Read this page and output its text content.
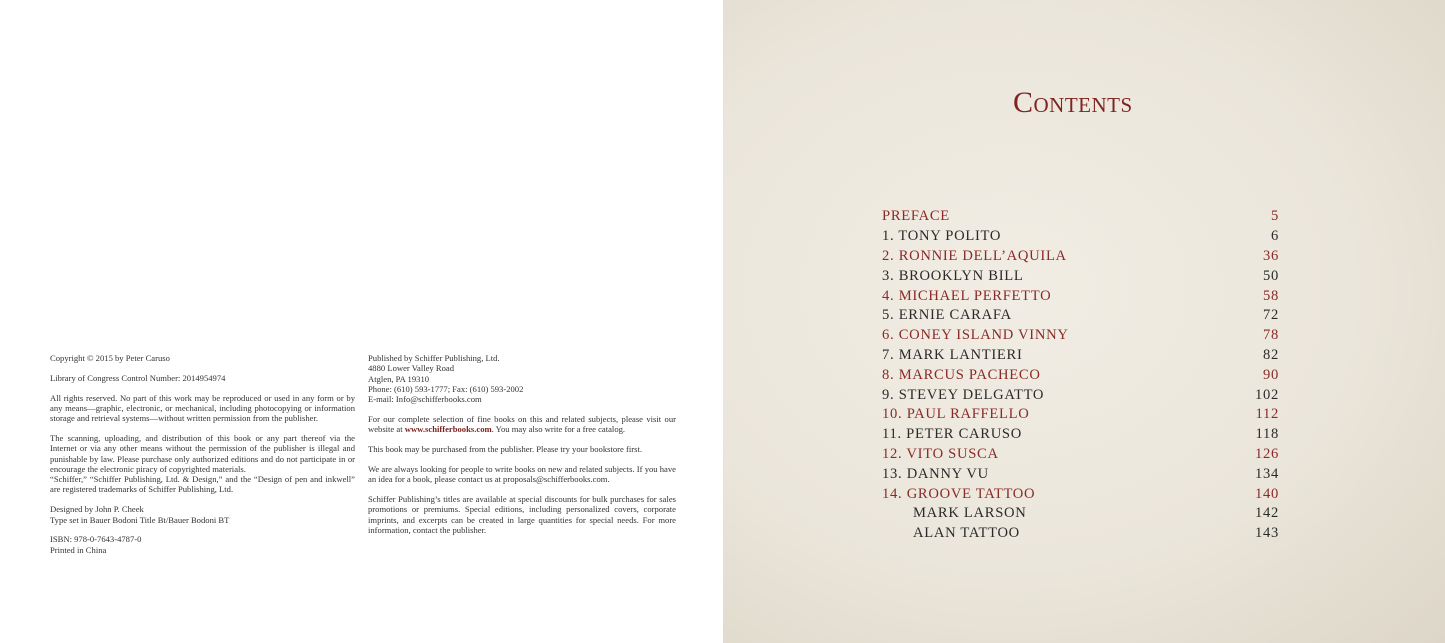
Copyright © 2015 by Peter Caruso

Library of Congress Control Number: 2014954974

All rights reserved. No part of this work may be reproduced or used in any form or by any means—graphic, electronic, or mechanical, including photocopying or information storage and retrieval systems—without written permission from the publisher.

The scanning, uploading, and distribution of this book or any part thereof via the Internet or via any other means without the permission of the publisher is illegal and punishable by law. Please purchase only authorized editions and do not participate in or encourage the electronic piracy of copyrighted materials.

“Schiffer,” “Schiffer Publishing, Ltd. & Design,” and the “Design of pen and inkwell” are registered trademarks of Schiffer Publishing, Ltd.

Designed by John P. Cheek

Type set in Bauer Bodoni Title Bt/Bauer Bodoni BT

ISBN: 978-0-7643-4787-0

Printed in China

Published by Schiffer Publishing, Ltd.

4880 Lower Valley Road

Atglen, PA 19310

Phone: (610) 593-1777; Fax: (610) 593-2002

E-mail: Info@schifferbooks.com

For our complete selection of fine books on this and related subjects, please visit our website at www.schifferbooks.com. You may also write for a free catalog.

This book may be purchased from the publisher. Please try your bookstore first.

We are always looking for people to write books on new and related subjects. If you have an idea for a book, please contact us at proposals@schifferbooks.com.

Schiffer Publishing’s titles are available at special discounts for bulk purchases for sales promotions or premiums. Special editions, including personalized covers, corporate imprints, and excerpts can be created in large quantities for special needs. For more information, contact the publisher.

Contents
PREFACE	5
1. TONY POLITO	6
2. RONNIE DELL’AQUILA	36
3. BROOKLYN BILL	50
4. MICHAEL PERFETTO	58
5. ERNIE CARAFA	72
6. CONEY ISLAND VINNY	78
7. MARK LANTIERI	82
8. MARCUS PACHECO	90
9. STEVEY DELGATTO	102
10. PAUL RAFFELLO	112
11. PETER CARUSO	118
12. VITO SUSCA	126
13. DANNY VU	134
14. GROOVE TATTOO	140
MARK LARSON	142
ALAN TATTOO	143
